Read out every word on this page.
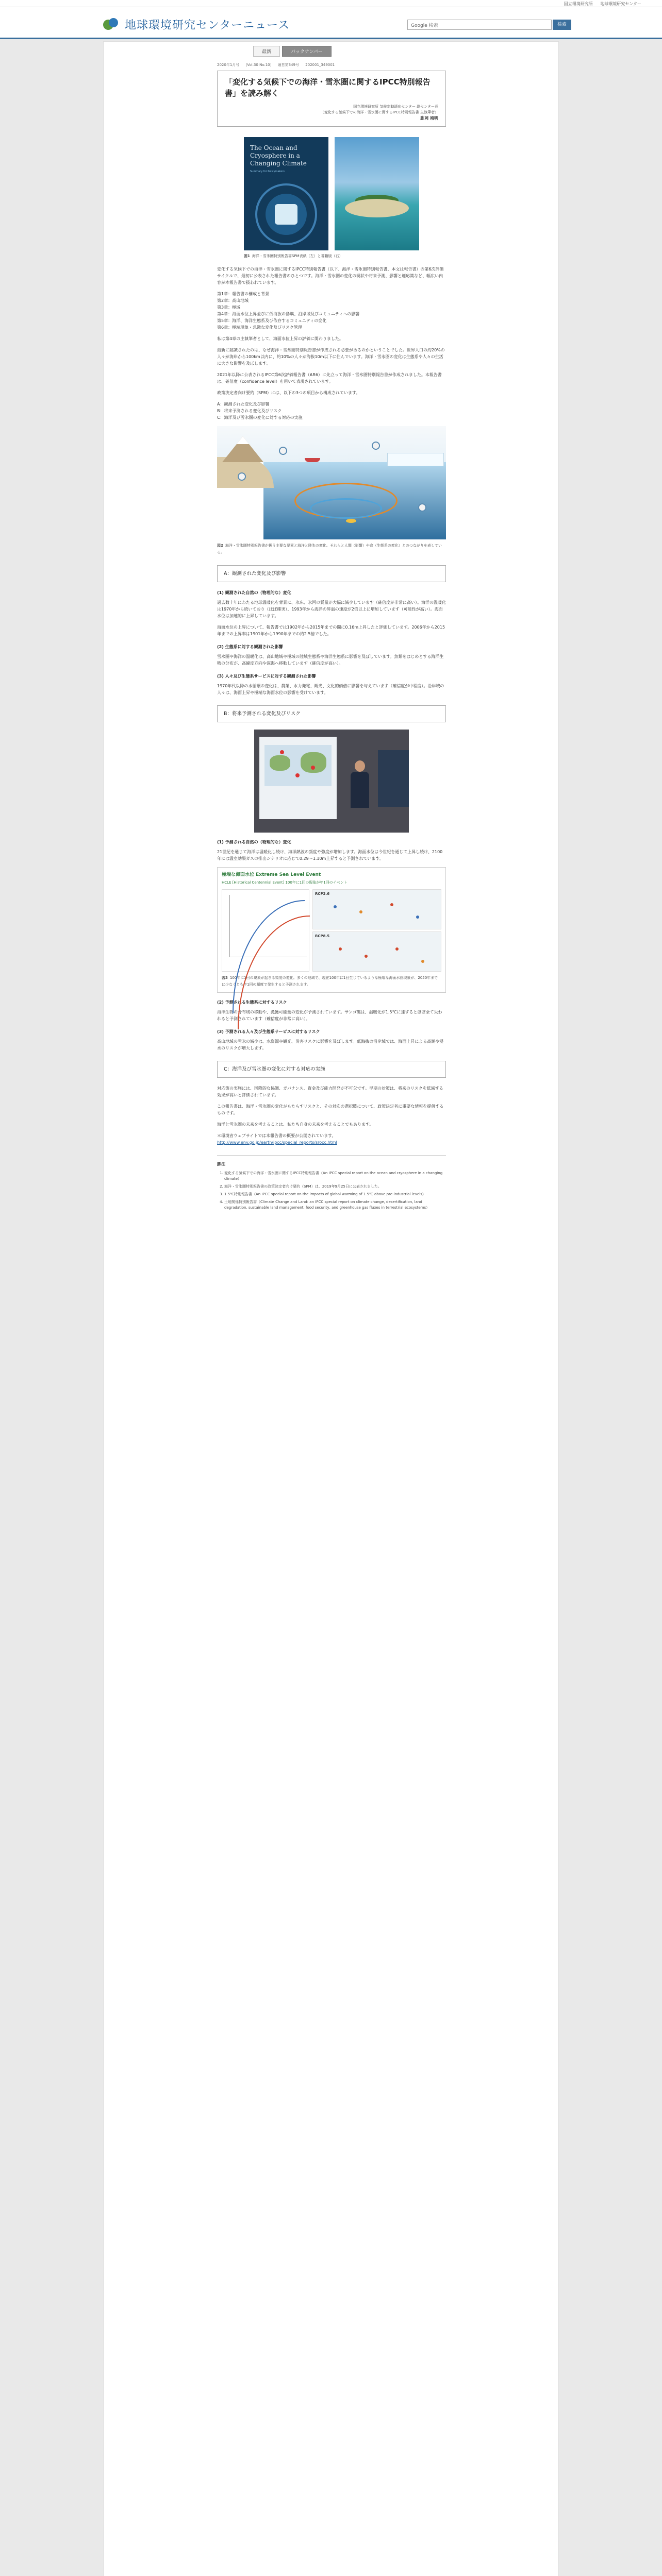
国立環境研究所 地球環境研究センター
地球環境研究センターニュース	Google 検索	検索
最新	バックナンバー
2020年1月号 [Vol.30 No.10] 通巻第349号 202001_349001
「変化する気候下での海洋・雪氷圏に関するIPCC特別報告書」を読み解く
国立環境研究所 気候変動適応センター 副センター長
（変化する気候下での海洋・雪氷圏に関するIPCC特別報告書 主執筆者）
肱岡 靖明
The Ocean and Cryosphere in a Changing Climate
Summary for Policymakers
図1 海洋・雪氷圏特別報告書SPM表紙（左）と書籍版（右）

変化する気候下での海洋・雪氷圏に関するIPCC特別報告書（以下、海洋・雪氷圏特別報告書、本文は報告書）の第6次評価サイクルで、最初に公表された報告書のひとつです。海洋・雪氷圏の変化の現状や将来予測、影響と適応策など、幅広い内容が本報告書で扱われています。

第1章：報告書の構成と背景
第2章：高山地域
第3章：極域
第4章：海面水位上昇並びに低海抜の島嶼、沿岸域及びコミュニティへの影響
第5章：海洋、海洋生態系及び依存するコミュニティの変化
第6章：極端現象・急激な変化及びリスク管理

私は第4章の主執筆者として、海面水位上昇の評価に関わりました。

最新に認識されたのは、なぜ海洋・雪氷圏特別報告書が作成される必要があるのかということでした。世界人口の約20%の人々が海岸から100km以内に、約10%の人々が海抜10m以下に住んでいます。海洋・雪氷圏の変化は生態系や人々の生活に大きな影響を及ぼします。

2021年以降に公表されるIPCC第6次評価報告書（AR6）に先立って海洋・雪氷圏特別報告書が作成されました。本報告書は、確信度（confidence level）を用いて表現されています。

政策決定者向け要約（SPM）には、以下の3つの項目から構成されています。

A：観測された変化及び影響
B：将来予測される変化及びリスク
C：海洋及び雪氷圏の変化に対する対応の実施
図2 海洋・雪氷圏特別報告書が扱う主要な要素と海洋と陸氷の変化。それらと人間（影響）や食（生態系の変化）とのつながりを表している。
A：観測された変化及び影響
(1) 観測された自然の（物理的な）変化

過去数十年にわたる地球温暖化を背景に、氷床、氷河の質量が大幅に減少しています（確信度が非常に高い）。海洋の温暖化は1970年から続いており（ほぼ確実）、1993年から海洋の昇温の速度が2倍以上に増加しています（可能性が高い）。海面水位は加速的に上昇しています。

海面水位の上昇について、報告書では1902年から2015年までの間に0.16m上昇したと評価しています。2006年から2015年までの上昇率は1901年から1990年までの約2.5倍でした。

(2) 生態系に対する観測された影響

雪氷圏や海洋の温暖化は、高山地域や極域の陸域生態系や海洋生態系に影響を及ぼしています。魚類をはじめとする海洋生物の分布が、高緯度方向や深海へ移動しています（確信度が高い）。

(3) 人々及び生態系サービスに対する観測された影響

1970年代以降の水循環の変化は、農業、水力発電、観光、文化的価値に影響を与えています（確信度が中程度）。沿岸域の人々は、海面上昇や極端な海面水位の影響を受けています。

B：将来予測される変化及びリスク
(1) 予測される自然の（物理的な）変化

21世紀を通じて海洋は温暖化し続け、海洋熱波の頻度や強度が増加します。海面水位は今世紀を通じて上昇し続け、2100年には温室効果ガスの排出シナリオに応じて0.29〜1.10m上昇すると予測されています。

極端な海面水位 Extreme Sea Level Event
HCLE [Historical Centennial Event] 100年に1回の現象が年1回のイベント
RCP2.6
RCP8.5
図3 100年に1回の現象が起きる頻度の変化。多くの地域で、現在100年に1回生じているような極端な海面水位現象が、2050年までに少なくとも年1回の頻度で発生すると予測されます。
(2) 予測される生態系に対するリスク

海洋生物の分布域の移動や、漁獲可能量の変化が予測されています。サンゴ礁は、温暖化が1.5℃に達するとほぼ全て失われると予測されています（確信度が非常に高い）。

(3) 予測される人々及び生態系サービスに対するリスク

高山地域の雪氷の減少は、水資源や観光、災害リスクに影響を及ぼします。低海抜の沿岸域では、海面上昇による高潮や浸水のリスクが増大します。

C：海洋及び雪氷圏の変化に対する対応の実施

対応策の実施には、国際的な協調、ガバナンス、資金及び能力開発が不可欠です。早期の対策は、将来のリスクを低減する効果が高いと評価されています。

この報告書は、海洋・雪氷圏の変化がもたらすリスクと、その対応の選択肢について、政策決定者に重要な情報を提供するものです。

海洋と雪氷圏の未来を考えることは、私たち自身の未来を考えることでもあります。

＊環境省ウェブサイトでは本報告書の概要が公開されています。 http://www.env.go.jp/earth/ipcc/special_reports/srocc.html

脚注
1. 変化する気候下での海洋・雪氷圏に関するIPCC特別報告書（An IPCC special report on the ocean and cryosphere in a changing climate）
2. 海洋・雪氷圏特別報告書の政策決定者向け要約（SPM）は、2019年9月25日に公表されました。
3. 1.5℃特別報告書（An IPCC special report on the impacts of global warming of 1.5℃ above pre-industrial levels）
4. 土地関係特別報告書（Climate Change and Land: an IPCC special report on climate change, desertification, land degradation, sustainable land management, food security, and greenhouse gas fluxes in terrestrial ecosystems）
